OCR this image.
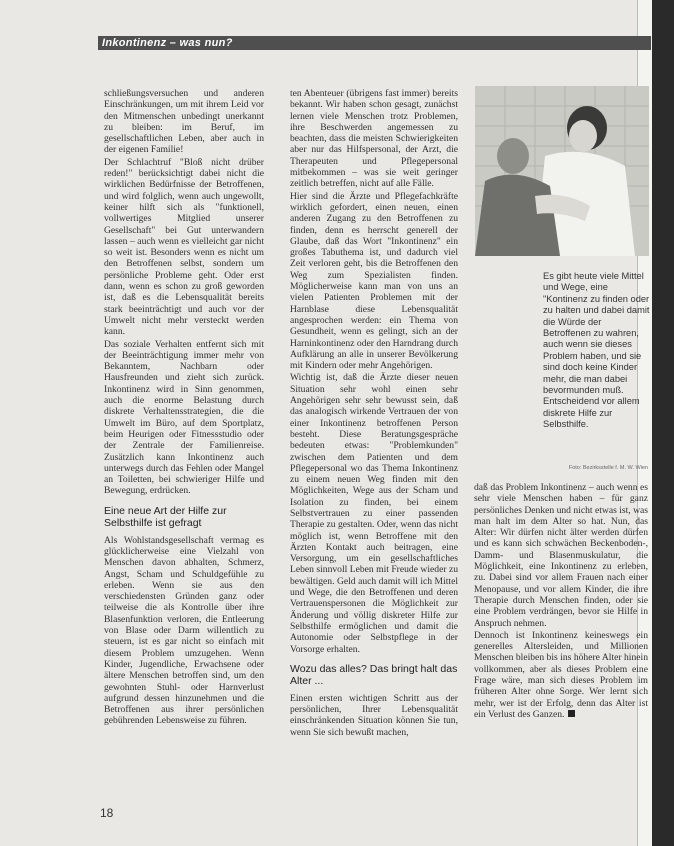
Inkontinenz – was nun?

schließungsversuchen und anderen Einschränkungen, um mit ihrem Leid vor den Mitmenschen unbedingt unerkannt zu bleiben: im Beruf, im gesellschaftlichen Leben, aber auch in der eigenen Familie!

Der Schlachtruf "Bloß nicht drüber reden!" berücksichtigt dabei nicht die wirklichen Bedürfnisse der Betroffenen, und wird folglich, wenn auch ungewollt, keiner hilft sich als "funktionell, vollwertiges Mitglied unserer Gesellschaft" bei Gut unterwandern lassen – auch wenn es vielleicht gar nicht so weit ist. Besonders wenn es nicht um den Betroffenen selbst, sondern um persönliche Probleme geht. Oder erst dann, wenn es schon zu groß geworden ist, daß es die Lebensqualität bereits stark beeinträchtigt und auch vor der Umwelt nicht mehr versteckt werden kann.

Das soziale Verhalten entfernt sich mit der Beeinträchtigung immer mehr von Bekanntem, Nachbarn oder Hausfreunden und zieht sich zurück. Inkontinenz wird in Sinn genommen, auch die enorme Belastung durch diskrete Verhaltensstrategien, die die Umwelt im Büro, auf dem Sportplatz, beim Heurigen oder Fitnessstudio oder der Zentrale der Familienreise. Zusätzlich kann Inkontinenz auch unterwegs durch das Fehlen oder Mangel an Toiletten, bei schwieriger Hilfe und Bewegung, erdrücken.

Eine neue Art der Hilfe zur Selbsthilfe ist gefragt

Als Wohlstandsgesellschaft vermag es glücklicherweise eine Vielzahl von Menschen davon abhalten, Schmerz, Angst, Scham und Schuldgefühle zu erleben. Wenn sie aus den verschiedensten Gründen ganz oder teilweise die als Kontrolle über ihre Blasenfunktion verloren, die Entleerung von Blase oder Darm willentlich zu steuern, ist es gar nicht so einfach mit diesem Problem umzugehen. Wenn Kinder, Jugendliche, Erwachsene oder ältere Menschen betroffen sind, um den gewohnten Stuhl- oder Harnverlust aufgrund dessen hinzunehmen und die Betroffenen aus ihrer persönlichen gebührenden Lebensweise zu führen.

ten Abenteuer (übrigens fast immer) bereits bekannt. Wir haben schon gesagt, zunächst lernen viele Menschen trotz Problemen, ihre Beschwerden angemessen zu beachten, dass die meisten Schwierigkeiten aber nur das Hilfspersonal, der Arzt, die Therapeuten und Pflegepersonal mitbekommen – was sie weit geringer zeitlich betreffen, nicht auf alle Fälle.

Hier sind die Ärzte und Pflegefachkräfte wirklich gefordert, einen neuen, einen anderen Zugang zu den Betroffenen zu finden, denn es herrscht generell der Glaube, daß das Wort "Inkontinenz" ein großes Tabuthema ist, und dadurch viel Zeit verloren geht, bis die Betroffenen den Weg zum Spezialisten finden. Möglicherweise kann man von uns an vielen Patienten Problemen mit der Harnblase diese Lebensqualität angesprochen werden: ein Thema von Gesundheit, wenn es gelingt, sich an der Harninkontinenz oder den Harndrang durch Aufklärung an alle in unserer Bevölkerung mit Kindern oder mehr Angehörigen.

Wichtig ist, daß die Ärzte dieser neuen Situation sehr wohl einen sehr Angehörigen sehr sehr bewusst sein, daß das analogisch wirkende Vertrauen der von einer Inkontinenz betroffenen Person besteht. Diese Beratungsgespräche bedeuten etwas: "Problemkunden" zwischen dem Patienten und dem Pflegepersonal wo das Thema Inkontinenz zu einem neuen Weg finden mit den Möglichkeiten, Wege aus der Scham und Isolation zu finden, bei einem Selbstvertrauen zu einer passenden Therapie zu gestalten. Oder, wenn das nicht möglich ist, wenn Betroffene mit den Ärzten Kontakt auch beitragen, eine Versorgung, um ein gesellschaftliches Leben sinnvoll Leben mit Freude wieder zu bewältigen. Geld auch damit will ich Mittel und Wege, die den Betroffenen und deren Vertrauenspersonen die Möglichkeit zur Änderung und völlig diskreter Hilfe zur Selbsthilfe ermöglichen und damit die Autonomie oder Selbstpflege in der Vorsorge erhalten.

Wozu das alles? Das bringt halt das Alter ...

Einen ersten wichtigen Schritt aus der persönlichen, Ihrer Lebensqualität einschränkenden Situation können Sie tun, wenn Sie sich bewußt machen,

Es gibt heute viele Mittel und Wege, eine "Kontinenz zu finden oder zu halten und dabei damit die Würde der Betroffenen zu wahren, auch wenn sie dieses Problem haben, und sie sind doch keine Kinder mehr, die man dabei bevormunden muß. Entscheidend vor allem diskrete Hilfe zur Selbsthilfe.
Foto: Bezirksstelle f. M. W. Wien

daß das Problem Inkontinenz – auch wenn es sehr viele Menschen haben – für ganz persönliches Denken und nicht etwas ist, was man halt im dem Alter so hat. Nun, das Alter: Wir dürfen nicht älter werden dürfen und es kann sich schwächen Beckenboden-, Damm- und Blasenmuskulatur, die Möglichkeit, eine Inkontinenz zu erleben, zu. Dabei sind vor allem Frauen nach einer Menopause, und vor allem Kinder, die ihre Therapie durch Menschen finden, oder sie eine Problem verdrängen, bevor sie Hilfe in Anspruch nehmen.

Dennoch ist Inkontinenz keineswegs ein generelles Altersleiden, und Millionen Menschen bleiben bis ins höhere Alter hinein vollkommen, aber als dieses Problem eine Frage wäre, man sich dieses Problem im früheren Alter ohne Sorge. Wer lernt sich mehr, wer ist der Erfolg, denn das Alter ist ein Verlust des Ganzen.

18
